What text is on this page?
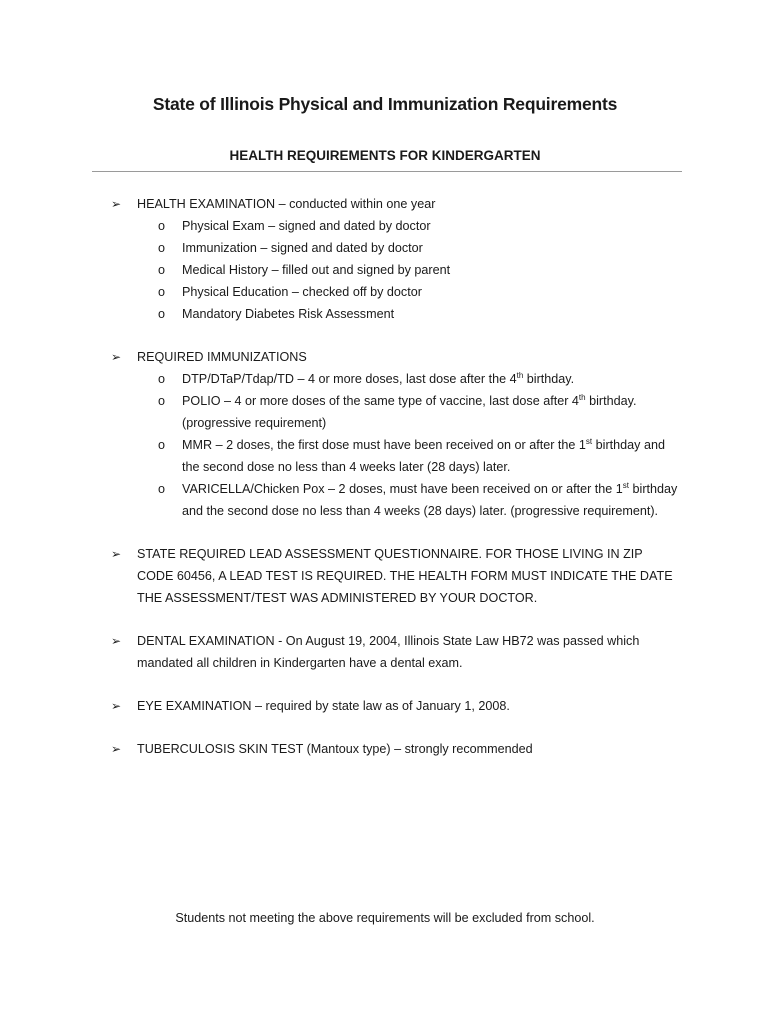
State of Illinois Physical and Immunization Requirements
HEALTH REQUIREMENTS FOR KINDERGARTEN
➢ HEALTH EXAMINATION – conducted within one year
o Physical Exam – signed and dated by doctor
o Immunization – signed and dated by doctor
o Medical History – filled out and signed by parent
o Physical Education – checked off by doctor
o Mandatory Diabetes Risk Assessment
➢ REQUIRED IMMUNIZATIONS
o DTP/DTaP/Tdap/TD – 4 or more doses, last dose after the 4th birthday.
o POLIO – 4 or more doses of the same type of vaccine, last dose after 4th birthday. (progressive requirement)
o MMR – 2 doses, the first dose must have been received on or after the 1st birthday and the second dose no less than 4 weeks later (28 days) later.
o VARICELLA/Chicken Pox – 2 doses, must have been received on or after the 1st birthday and the second dose no less than 4 weeks (28 days) later. (progressive requirement).
➢ STATE REQUIRED LEAD ASSESSMENT QUESTIONNAIRE. FOR THOSE LIVING IN ZIP CODE 60456, A LEAD TEST IS REQUIRED. THE HEALTH FORM MUST INDICATE THE DATE THE ASSESSMENT/TEST WAS ADMINISTERED BY YOUR DOCTOR.
➢ DENTAL EXAMINATION - On August 19, 2004, Illinois State Law HB72 was passed which mandated all children in Kindergarten have a dental exam.
➢ EYE EXAMINATION – required by state law as of January 1, 2008.
➢ TUBERCULOSIS SKIN TEST (Mantoux type) – strongly recommended
Students not meeting the above requirements will be excluded from school.
